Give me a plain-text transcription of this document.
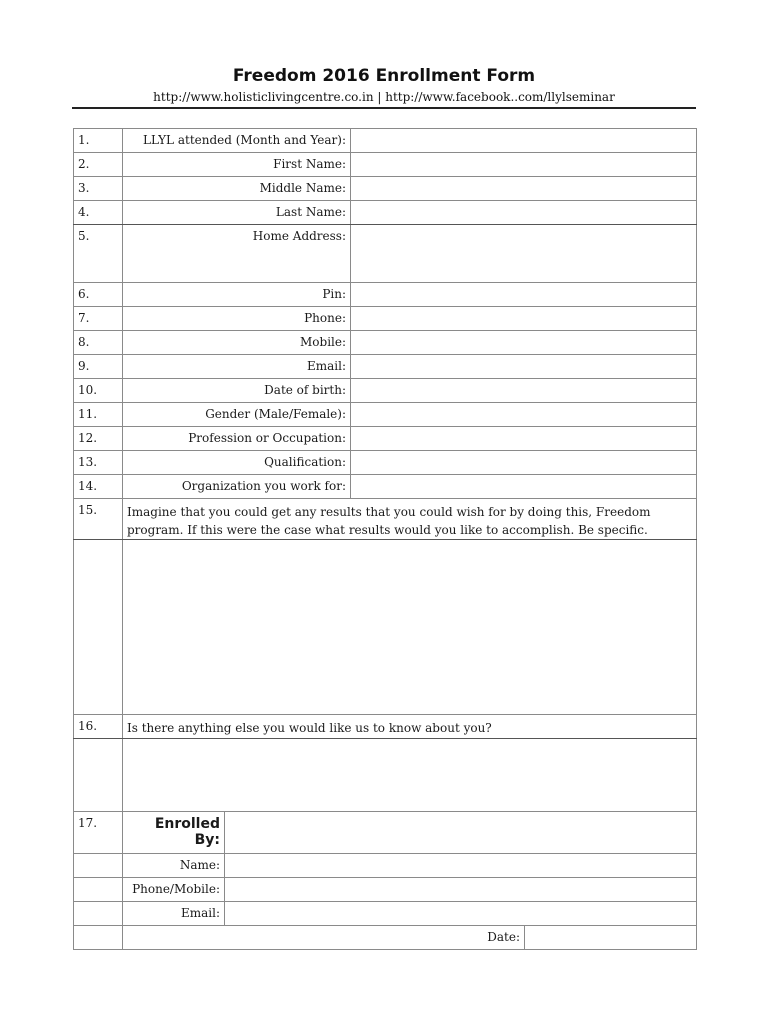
Freedom 2016 Enrollment Form
http://www.holisticlivingcentre.co.in | http://www.facebook..com/llylseminar
1.	LLYL attended (Month and Year):			
2.	First Name:			
3.	Middle Name:			
4.	Last Name:			
5.	Home Address:			
6.	Pin:			
7.	Phone:			
8.	Mobile:			
9.	Email:			
10.	Date of birth:			
11.	Gender (Male/Female):			
12.	Profession or Occupation:			
13.	Qualification:			
14.	Organization you work for:			
15.	Imagine that you could get any results that you could wish for by doing this, Freedom program. If this were the case what results would you like to accomplish. Be specific.			

16.	Is there anything else you would like us to know about you?			

17.	Enrolled By:			
	Name:			
	Phone/Mobile:			
	Email:			
	Date:			
